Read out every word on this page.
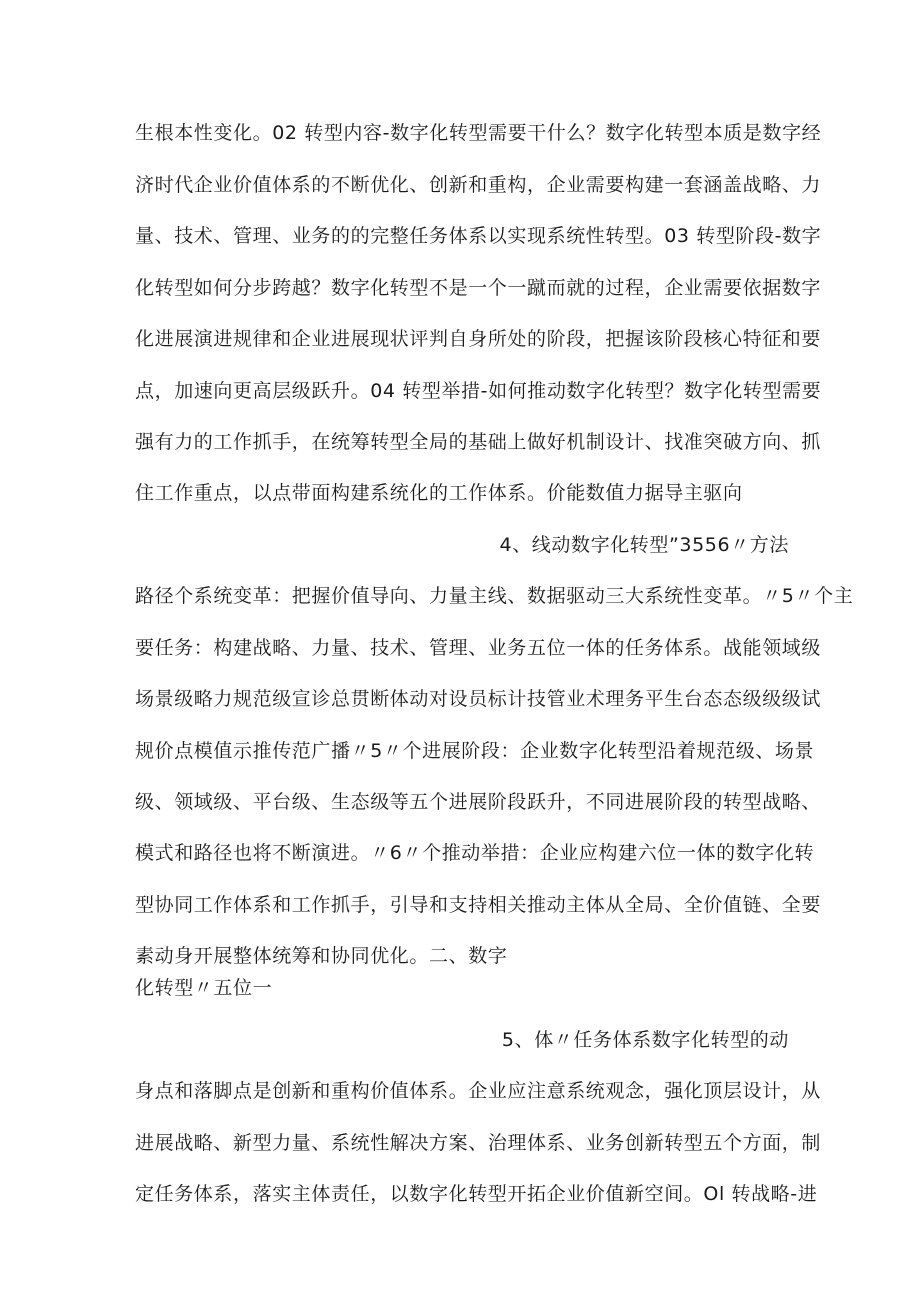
生根本性变化。02 转型内容-数字化转型需要干什么？数字化转型本质是数字经
济时代企业价值体系的不断优化、创新和重构，企业需要构建一套涵盖战略、力
量、技术、管理、业务的的完整任务体系以实现系统性转型。03 转型阶段-数字
化转型如何分步跨越？数字化转型不是一个一蹴而就的过程，企业需要依据数字
化进展演进规律和企业进展现状评判自身所处的阶段，把握该阶段核心特征和要
点，加速向更高层级跃升。04 转型举措-如何推动数字化转型？数字化转型需要
强有力的工作抓手，在统筹转型全局的基础上做好机制设计、找准突破方向、抓
住工作重点，以点带面构建系统化的工作体系。价能数值力据导主驱向
4、线动数字化转型”3556〃方法
路径个系统变革：把握价值导向、力量主线、数据驱动三大系统性变革。〃5〃个主
要任务：构建战略、力量、技术、管理、业务五位一体的任务体系。战能领域级
场景级略力规范级宣诊总贯断体动对设员标计技管业术理务平生台态态级级级试
规价点模值示推传范广播〃5〃个进展阶段：企业数字化转型沿着规范级、场景
级、领域级、平台级、生态级等五个进展阶段跃升，不同进展阶段的转型战略、
模式和路径也将不断演进。〃6〃个推动举措：企业应构建六位一体的数字化转
型协同工作体系和工作抓手，引导和支持相关推动主体从全局、全价值链、全要
素动身开展整体统筹和协同优化。二、数字
化转型〃五位一
5、体〃任务体系数字化转型的动
身点和落脚点是创新和重构价值体系。企业应注意系统观念，强化顶层设计，从
进展战略、新型力量、系统性解决方案、治理体系、业务创新转型五个方面，制
定任务体系，落实主体责任，以数字化转型开拓企业价值新空间。Ol 转战略-进
